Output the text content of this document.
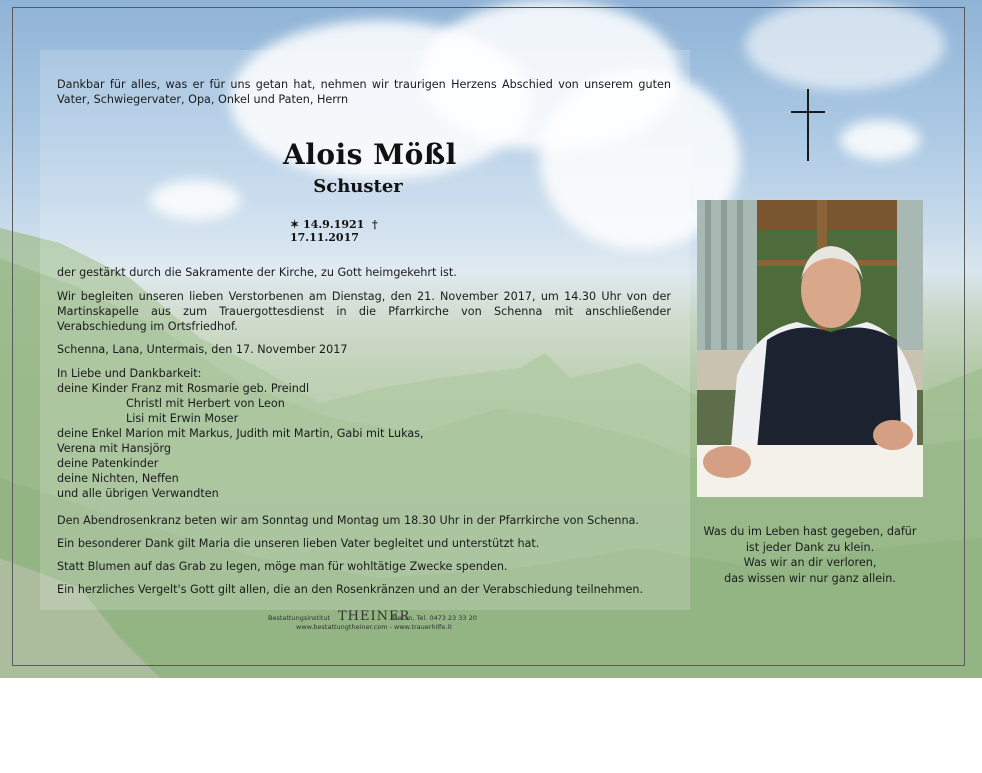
Dankbar für alles, was er für uns getan hat, nehmen wir traurigen Herzens Abschied von unserem guten Vater, Schwiegervater, Opa, Onkel und Paten, Herrn
Alois Mößl
Schuster
✶ 14.9.1921 † 17.11.2017
der gestärkt durch die Sakramente der Kirche, zu Gott heimgekehrt ist.
Wir begleiten unseren lieben Verstorbenen am Dienstag, den 21. November 2017, um 14.30 Uhr von der Martinskapelle aus zum Trauergottesdienst in die Pfarrkirche von Schenna mit anschließender Verabschiedung im Ortsfriedhof.
Schenna, Lana, Untermais, den 17. November 2017
In Liebe und Dankbarkeit:
deine Kinder Franz mit Rosmarie geb. Preindl
Christl mit Herbert von Leon
Lisi mit Erwin Moser
deine Enkel Marion mit Markus, Judith mit Martin, Gabi mit Lukas,
Verena mit Hansjörg
deine Patenkinder
deine Nichten, Neffen
und alle übrigen Verwandten
Den Abendrosenkranz beten wir am Sonntag und Montag um 18.30 Uhr in der Pfarrkirche von Schenna.
Ein besonderer Dank gilt Maria die unseren lieben Vater begleitet und unterstützt hat.
Statt Blumen auf das Grab zu legen, möge man für wohltätige Zwecke spenden.
Ein herzliches Vergelt's Gott gilt allen, die an den Rosenkränzen und an der Verabschiedung teilnehmen.
Was du im Leben hast gegeben, dafür
ist jeder Dank zu klein.
Was wir an dir verloren,
das wissen wir nur ganz allein.
Bestattungsinstitut THEINER
Meran, Tel. 0473 23 33 20
www.bestattungtheiner.com - www.trauerhilfe.it
